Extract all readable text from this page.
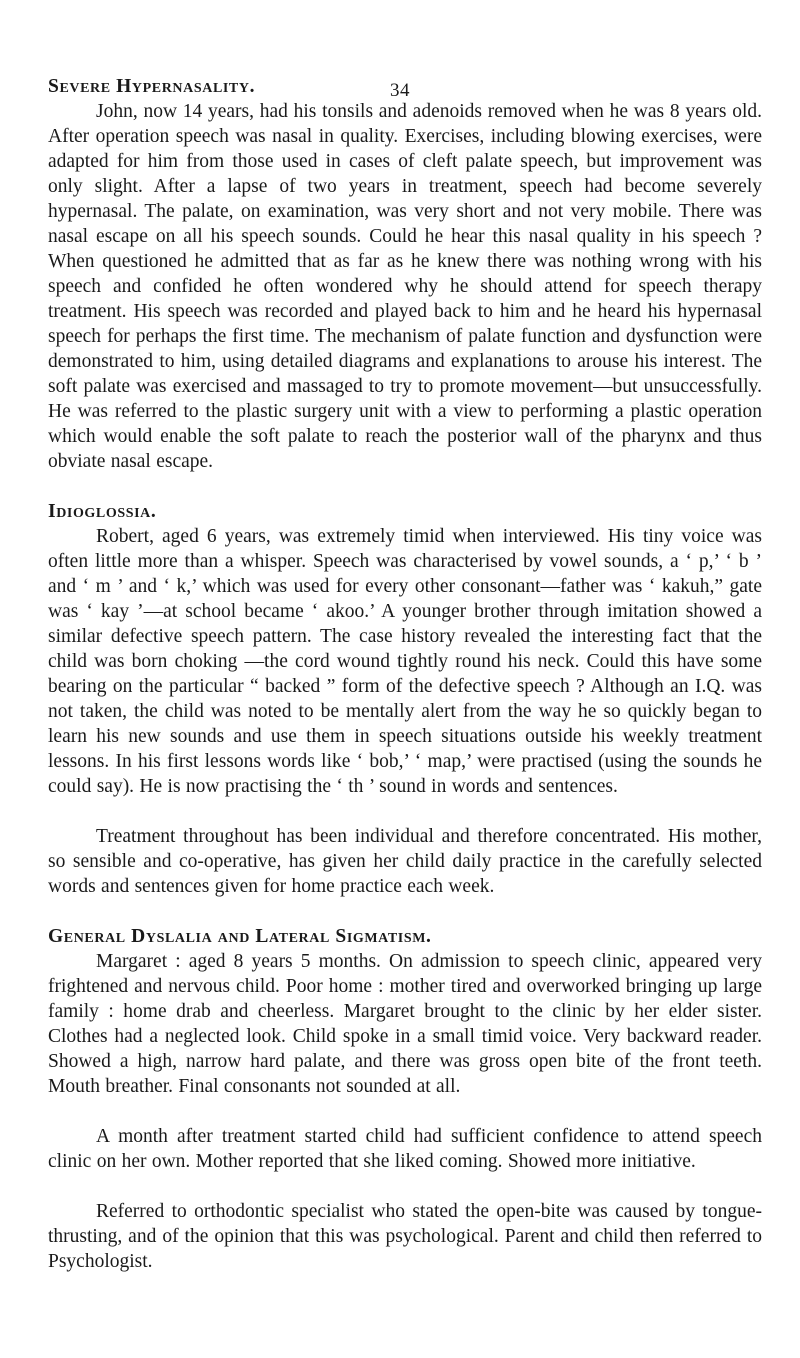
34
Severe Hypernasality.

John, now 14 years, had his tonsils and adenoids removed when he was 8 years old. After operation speech was nasal in quality. Exercises, including blowing exercises, were adapted for him from those used in cases of cleft palate speech, but improvement was only slight. After a lapse of two years in treatment, speech had become severely hypernasal. The palate, on examination, was very short and not very mobile. There was nasal escape on all his speech sounds. Could he hear this nasal quality in his speech ? When questioned he admitted that as far as he knew there was nothing wrong with his speech and confided he often wondered why he should attend for speech therapy treatment. His speech was recorded and played back to him and he heard his hypernasal speech for perhaps the first time. The mechanism of palate function and dysfunction were demonstrated to him, using detailed diagrams and explanations to arouse his interest. The soft palate was exercised and massaged to try to promote movement—but unsuccessfully. He was referred to the plastic surgery unit with a view to performing a plastic operation which would enable the soft palate to reach the posterior wall of the pharynx and thus obviate nasal escape.

Idioglossia.

Robert, aged 6 years, was extremely timid when interviewed. His tiny voice was often little more than a whisper. Speech was characterised by vowel sounds, a ‘ p,’ ‘ b ’ and ‘ m ’ and ‘ k,’ which was used for every other consonant—father was ‘ kakuh,” gate was ‘ kay ’—at school became ‘ akoo.’ A younger brother through imitation showed a similar defective speech pattern. The case history revealed the interesting fact that the child was born choking —the cord wound tightly round his neck. Could this have some bearing on the particular “ backed ” form of the defective speech ? Although an I.Q. was not taken, the child was noted to be mentally alert from the way he so quickly began to learn his new sounds and use them in speech situations outside his weekly treatment lessons. In his first lessons words like ‘ bob,’ ‘ map,’ were practised (using the sounds he could say). He is now practising the ‘ th ’ sound in words and sentences.

Treatment throughout has been individual and therefore concentrated. His mother, so sensible and co-operative, has given her child daily practice in the carefully selected words and sentences given for home practice each week.

General Dyslalia and Lateral Sigmatism.

Margaret : aged 8 years 5 months. On admission to speech clinic, appeared very frightened and nervous child. Poor home : mother tired and overworked bringing up large family : home drab and cheerless. Margaret brought to the clinic by her elder sister. Clothes had a neglected look. Child spoke in a small timid voice. Very backward reader. Showed a high, narrow hard palate, and there was gross open bite of the front teeth. Mouth breather. Final consonants not sounded at all.

A month after treatment started child had sufficient confidence to attend speech clinic on her own. Mother reported that she liked coming. Showed more initiative.

Referred to orthodontic specialist who stated the open-bite was caused by tongue-thrusting, and of the opinion that this was psychological. Parent and child then referred to Psychologist.
